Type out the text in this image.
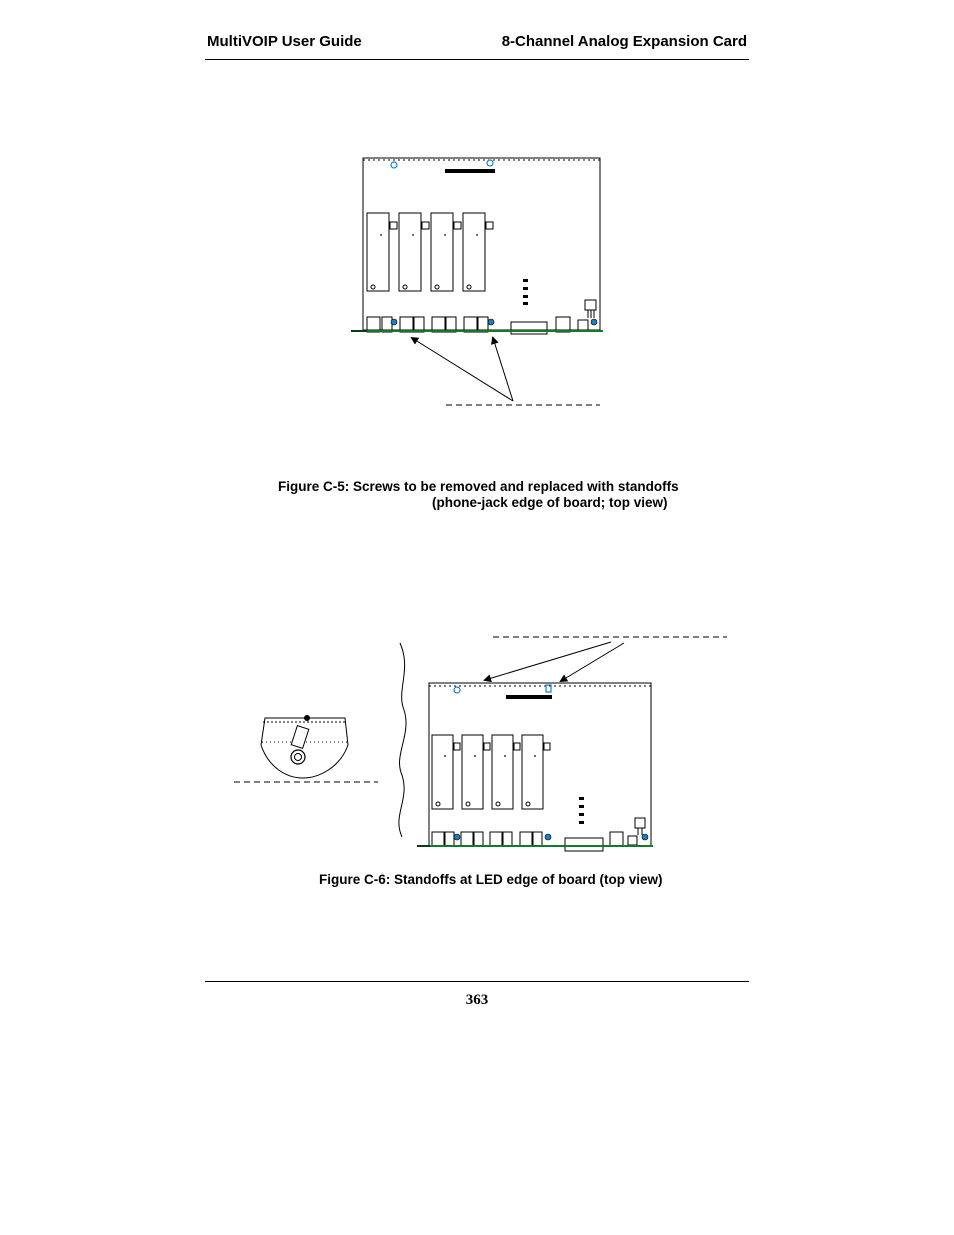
MultiVOIP User Guide	8-Channel Analog Expansion Card
Figure C-5: Screws to be removed and replaced with standoffs
(phone-jack edge of board; top view)
Figure C-6: Standoffs at LED edge of board (top view)
363
